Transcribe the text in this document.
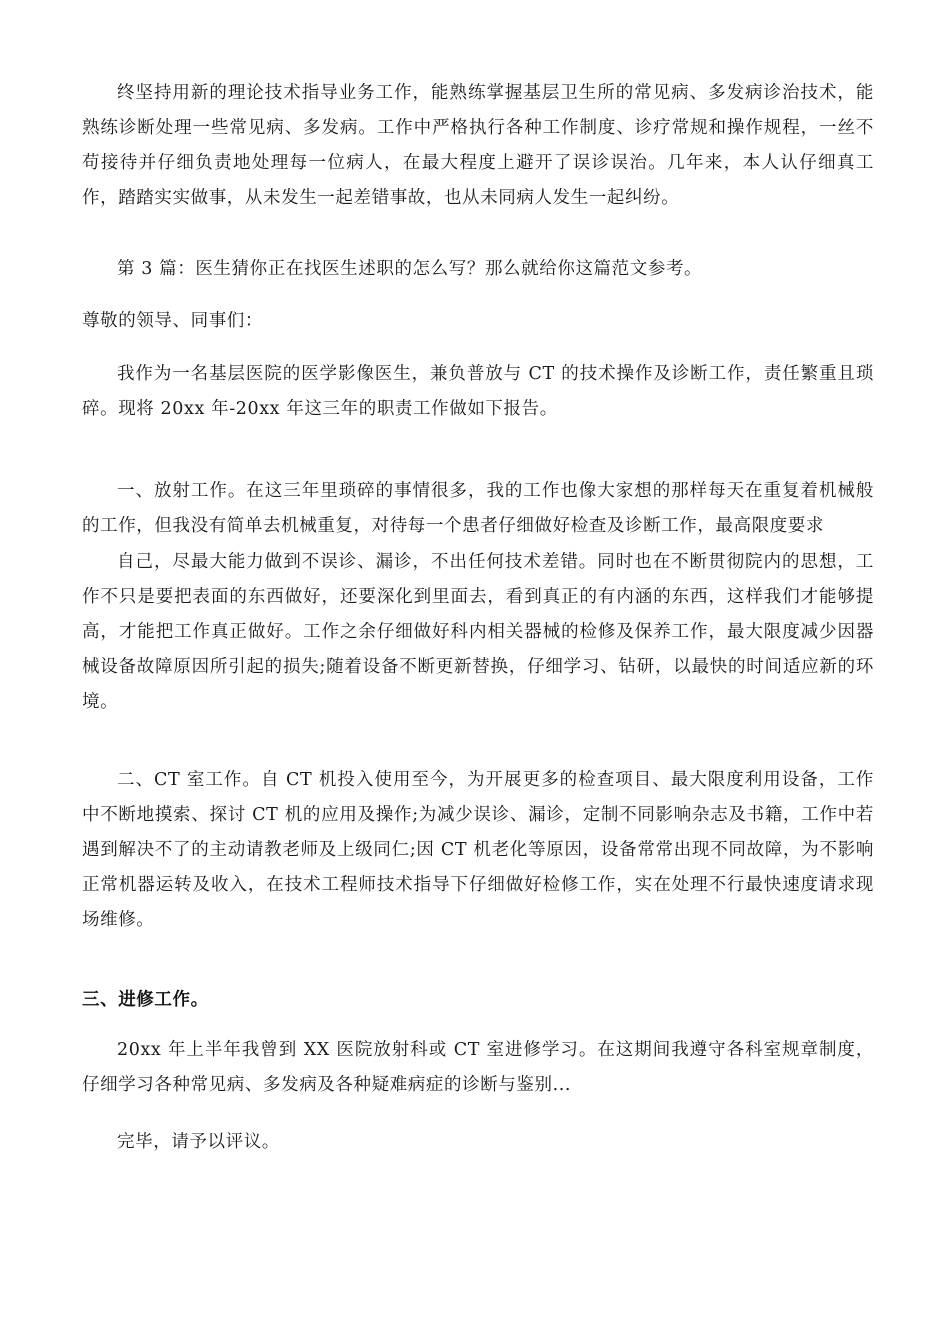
终坚持用新的理论技术指导业务工作，能熟练掌握基层卫生所的常见病、多发病诊治技术，能熟练诊断处理一些常见病、多发病。工作中严格执行各种工作制度、诊疗常规和操作规程，一丝不苟接待并仔细负责地处理每一位病人，在最大程度上避开了误诊误治。几年来，本人认仔细真工作，踏踏实实做事，从未发生一起差错事故，也从未同病人发生一起纠纷。

第 3 篇：医生猜你正在找医生述职的怎么写？那么就给你这篇范文参考。

尊敬的领导、同事们：

我作为一名基层医院的医学影像医生，兼负普放与 CT 的技术操作及诊断工作，责任繁重且琐碎。现将 20xx 年-20xx 年这三年的职责工作做如下报告。

一、放射工作。在这三年里琐碎的事情很多，我的工作也像大家想的那样每天在重复着机械般的工作，但我没有简单去机械重复，对待每一个患者仔细做好检查及诊断工作，最高限度要求

自己，尽最大能力做到不误诊、漏诊，不出任何技术差错。同时也在不断贯彻院内的思想，工作不只是要把表面的东西做好，还要深化到里面去，看到真正的有内涵的东西，这样我们才能够提高，才能把工作真正做好。工作之余仔细做好科内相关器械的检修及保养工作，最大限度减少因器械设备故障原因所引起的损失;随着设备不断更新替换，仔细学习、钻研，以最快的时间适应新的环境。

二、CT 室工作。自 CT 机投入使用至今，为开展更多的检查项目、最大限度利用设备，工作中不断地摸索、探讨 CT 机的应用及操作;为减少误诊、漏诊，定制不同影响杂志及书籍，工作中若遇到解决不了的主动请教老师及上级同仁;因 CT 机老化等原因，设备常常出现不同故障，为不影响正常机器运转及收入，在技术工程师技术指导下仔细做好检修工作，实在处理不行最快速度请求现场维修。

三、进修工作。

20xx 年上半年我曾到 XX 医院放射科或 CT 室进修学习。在这期间我遵守各科室规章制度，仔细学习各种常见病、多发病及各种疑难病症的诊断与鉴别...

完毕，请予以评议。
